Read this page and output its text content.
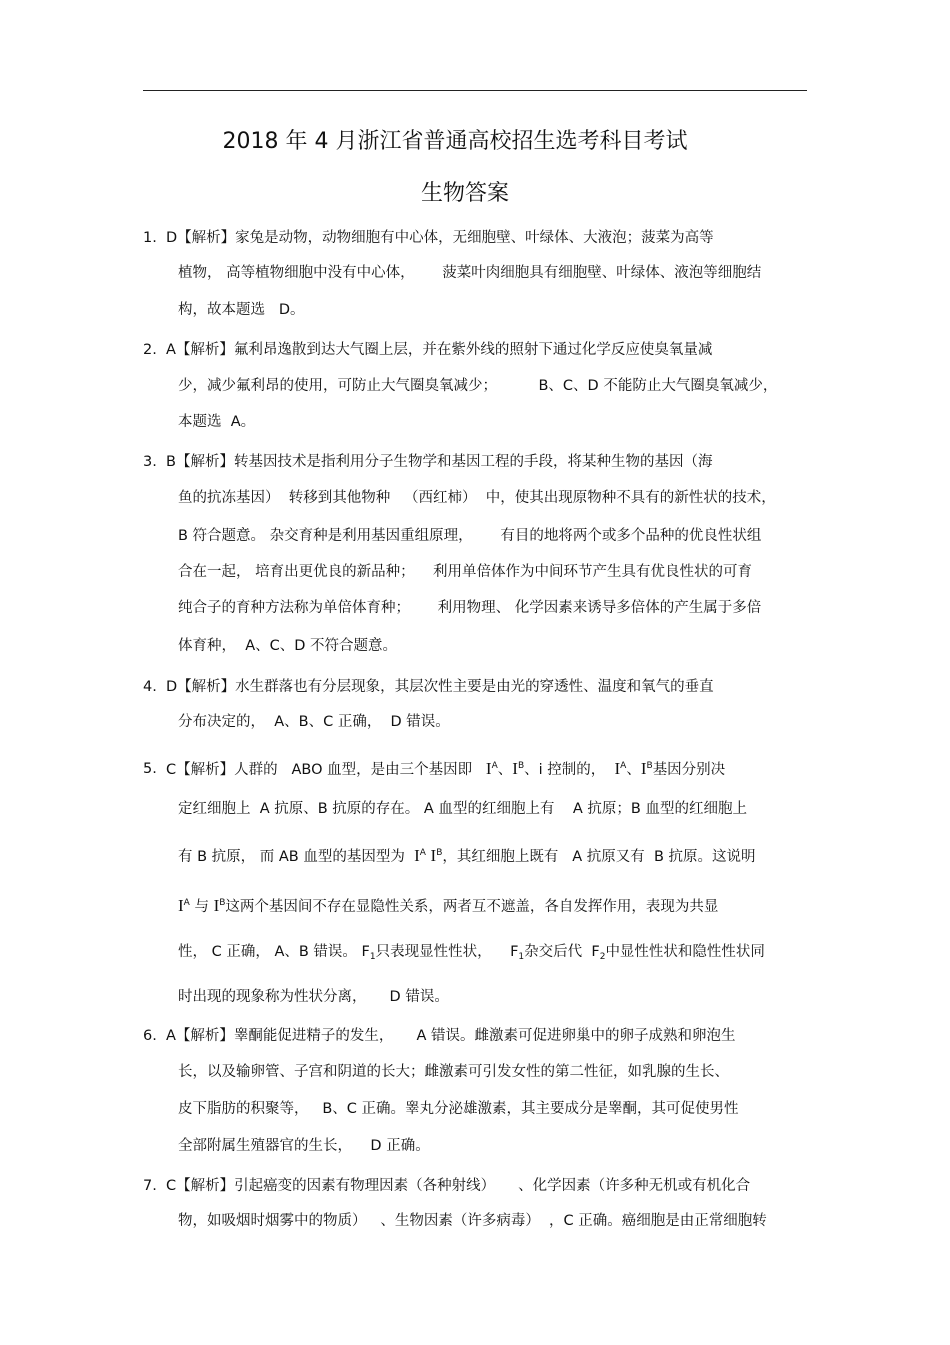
2018 年 4 月浙江省普通高校招生选考科目考试
生物答案
1. D【解析】家兔是动物，动物细胞有中心体，无细胞壁、叶绿体、大液泡；菠菜为高等
植物， 高等植物细胞中没有中心体，      菠菜叶肉细胞具有细胞壁、叶绿体、液泡等细胞结
构，故本题选   D。
2. A【解析】氟利昂逸散到达大气圈上层，并在紫外线的照射下通过化学反应使臭氧量减
少，减少氟利昂的使用，可防止大气圈臭氧减少；         B、C、D 不能防止大气圈臭氧减少，
本题选  A。
3. B【解析】转基因技术是指利用分子生物学和基因工程的手段，将某种生物的基因（海
鱼的抗冻基因）  转移到其他物种   （西红柿）  中，使其出现原物种不具有的新性状的技术，
B 符合题意。 杂交育种是利用基因重组原理，      有目的地将两个或多个品种的优良性状组
合在一起， 培育出更优良的新品种；    利用单倍体作为中间环节产生具有优良性状的可育
纯合子的育种方法称为单倍体育种；      利用物理、 化学因素来诱导多倍体的产生属于多倍
体育种，  A、C、D 不符合题意。
4. D【解析】水生群落也有分层现象，其层次性主要是由光的穿透性、温度和氧气的垂直
分布决定的，  A、B、C 正确，  D 错误。
5. C【解析】人群的   ABO 血型，是由三个基因即   $I^A$、$I^B$、i 控制的，  $I^A$、$I^B$基因分别决
定红细胞上  A 抗原、B 抗原的存在。 A 血型的红细胞上有    A 抗原；B 血型的红细胞上
有 B 抗原， 而 AB 血型的基因型为  $I^A$ $I^B$，其红细胞上既有   A 抗原又有  B 抗原。这说明
$I^A$ 与 $I^B$这两个基因间不存在显隐性关系，两者互不遮盖，各自发挥作用，表现为共显
性， C 正确， A、B 错误。 $F_1$只表现显性性状，    $F_1$杂交后代  $F_2$中显性性状和隐性性状同
时出现的现象称为性状分离，     D 错误。
6. A【解析】睾酮能促进精子的发生，     A 错误。雌激素可促进卵巢中的卵子成熟和卵泡生
长，以及输卵管、子宫和阴道的长大；雌激素可引发女性的第二性征，如乳腺的生长、
皮下脂肪的积聚等，   B、C 正确。睾丸分泌雄激素，其主要成分是睾酮，其可促使男性
全部附属生殖器官的生长，    D 正确。
7. C【解析】引起癌变的因素有物理因素（各种射线）     、化学因素（许多种无机或有机化合
物，如吸烟时烟雾中的物质）   、生物因素（许多病毒）  ，C 正确。癌细胞是由正常细胞转
